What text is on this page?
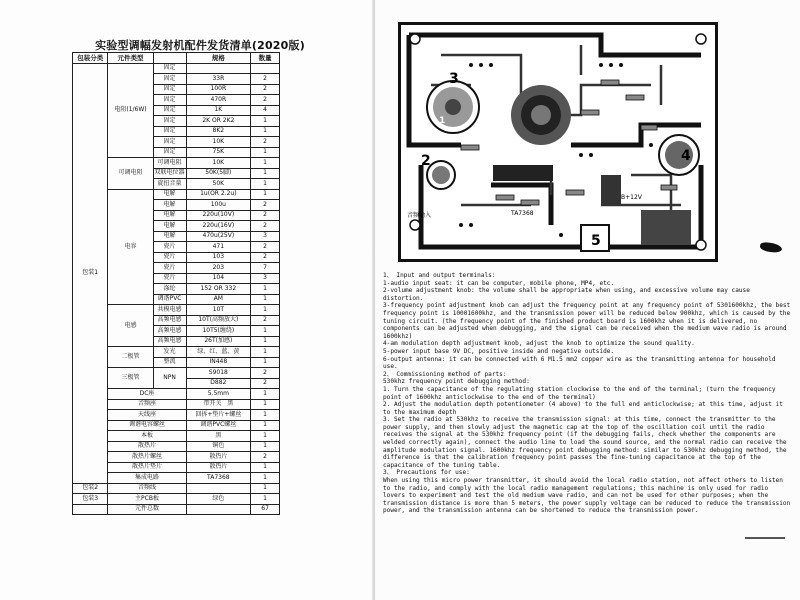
实验型调幅发射机配件发货清单(2020版)
包装分类	元件类型		规格	数量
包装1	电阻(1/6W)	固定		
		固定	33R	2
		固定	100R	2
		固定	470R	2
		固定	1K	4
		固定	2K OR 2K2	1
		固定	8K2	1
		固定	10K	2
		固定	75K	1
	可调电阻	可调电阻	10K	1
		双联电位器	50K(5脚)	1
		旋扭音量	50K	1
	电容	电解	1u(OR 2.2u)	1
		电解	100u	2
		电解	220u(10V)	2
		电解	220u(16V)	2
		电解	470u(25V)	3
		瓷片	471	2
		瓷片	103	2
		瓷片	203	7
		瓷片	104	3
		涤纶	152 OR 332	1
		调谐PVC	AM	1
	电感	共模电感	10T	1
		高频电感	10T(高频放大)	2
		高频电感	10T5(缠绕)	1
		高频电感	26T(加感)	1
	二极管	发光	绿、红、蓝、黄	1
		整流	IN448	1
	三极管	NPN	S9018	2
			D882	2
	DC座		5.5mm	1
	音频座		带开关 黑	1
	天线座		回拆+垫片+螺丝	1
	调谐电容螺丝		调谐PVC螺丝	1
	本板		黑	1
	散热片		铜色	1
	散热片螺丝		散热片	2
	散热片垫片		散热片	1
	集成电路		TA7368	1
包装2	音频线			1
包装3	主PCB板		绿色	1
	元件总数			67
3
2	4
5
1
音频输入	TA7368
B+12V

1、 Input and output terminals:

1-audio input seat: it can be computer, mobile phone, MP4, etc.

2-volume adjustment knob: the volume shall be appropriate when using, and excessive volume may cause distortion.

3-frequency point adjustment knob can adjust the frequency point at any frequency point of 5301600khz, the best frequency point is 10001600khz, and the transmission power will be reduced below 900khz, which is caused by the tuning circuit. (the frequency point of the finished product board is 1600khz when it is delivered, no components can be adjusted when debugging, and the signal can be received when the medium wave radio is around 1600khz)

4-am modulation depth adjustment knob, adjust the knob to optimize the sound quality.

5-power input base 9V DC, positive inside and negative outside.

6-output antenna: it can be connected with 6 M1.5 mm2 copper wire as the transmitting antenna for household use.

2、 Commissioning method of parts:

530khz frequency point debugging method:

1. Turn the capacitance of the regulating station clockwise to the end of the terminal; (turn the frequency point of 1600khz anticlockwise to the end of the terminal)

2. Adjust the modulation depth potentiometer (4 above) to the full end anticlockwise; at this time, adjust it to the maximum depth

3. Set the radio at 530khz to receive the transmission signal: at this time, connect the transmitter to the power supply, and then slowly adjust the magnetic cap at the top of the oscillation coil until the radio receives the signal at the 530khz frequency point (if the debugging fails, check whether the components are welded correctly again), connect the audio line to load the sound source, and the normal radio can receive the amplitude modulation signal. 1600khz frequency point debugging method: similar to 530khz debugging method, the difference is that the calibration frequency point passes the fine-tuning capacitance at the top of the capacitance of the tuning table.

3、 Precautions for use:

When using this micro power transmitter, it should avoid the local radio station, not affect others to listen to the radio, and comply with the local radio management regulations; this machine is only used for radio lovers to experiment and test the old medium wave radio, and can not be used for other purposes; when the transmission distance is more than 5 meters, the power supply voltage can be reduced to reduce the transmission power, and the transmission antenna can be shortened to reduce the transmission power.
